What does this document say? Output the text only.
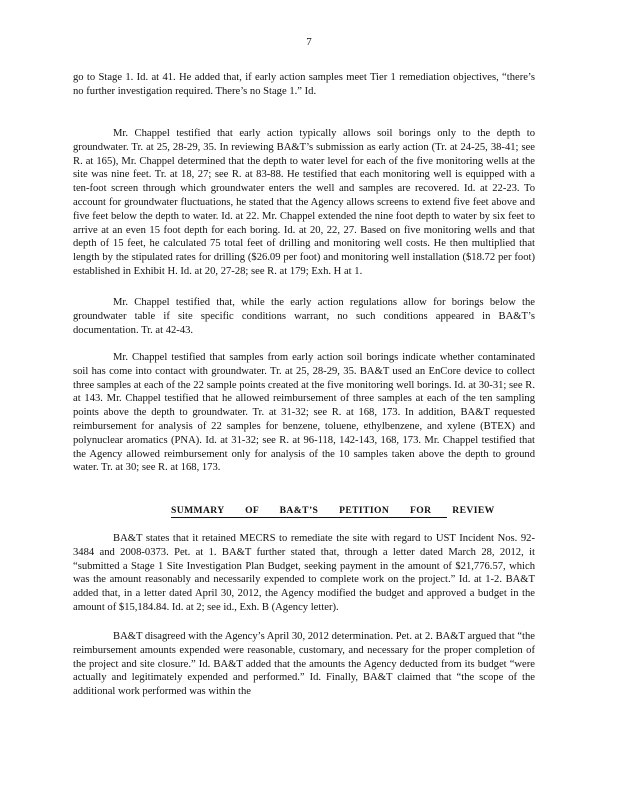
7

go to Stage 1. Id. at 41. He added that, if early action samples meet Tier 1 remediation objectives, “there’s no further investigation required. There’s no Stage 1.” Id.

Mr. Chappel testified that early action typically allows soil borings only to the depth to groundwater. Tr. at 25, 28-29, 35. In reviewing BA&T’s submission as early action (Tr. at 24-25, 38-41; see R. at 165), Mr. Chappel determined that the depth to water level for each of the five monitoring wells at the site was nine feet. Tr. at 18, 27; see R. at 83-88. He testified that each monitoring well is equipped with a ten-foot screen through which groundwater enters the well and samples are recovered. Id. at 22-23. To account for groundwater fluctuations, he stated that the Agency allows screens to extend five feet above and five feet below the depth to water. Id. at 22. Mr. Chappel extended the nine foot depth to water by six feet to arrive at an even 15 foot depth for each boring. Id. at 20, 22, 27. Based on five monitoring wells and that depth of 15 feet, he calculated 75 total feet of drilling and monitoring well costs. He then multiplied that length by the stipulated rates for drilling ($26.09 per foot) and monitoring well installation ($18.72 per foot) established in Exhibit H. Id. at 20, 27-28; see R. at 179; Exh. H at 1.

Mr. Chappel testified that, while the early action regulations allow for borings below the groundwater table if site specific conditions warrant, no such conditions appeared in BA&T’s documentation. Tr. at 42-43.

Mr. Chappel testified that samples from early action soil borings indicate whether contaminated soil has come into contact with groundwater. Tr. at 25, 28-29, 35. BA&T used an EnCore device to collect three samples at each of the 22 sample points created at the five monitoring well borings. Id. at 30-31; see R. at 143. Mr. Chappel testified that he allowed reimbursement of three samples at each of the ten sampling points above the depth to groundwater. Tr. at 31-32; see R. at 168, 173. In addition, BA&T requested reimbursement for analysis of 22 samples for benzene, toluene, ethylbenzene, and xylene (BTEX) and polynuclear aromatics (PNA). Id. at 31-32; see R. at 96-118, 142-143, 168, 173. Mr. Chappel testified that the Agency allowed reimbursement only for analysis of the 10 samples taken above the depth to ground water. Tr. at 30; see R. at 168, 173.

SUMMARY OF BA&T’S PETITION FOR REVIEW

BA&T states that it retained MECRS to remediate the site with regard to UST Incident Nos. 92-3484 and 2008-0373. Pet. at 1. BA&T further stated that, through a letter dated March 28, 2012, it “submitted a Stage 1 Site Investigation Plan Budget, seeking payment in the amount of $21,776.57, which was the amount reasonably and necessarily expended to complete work on the project.” Id. at 1-2. BA&T added that, in a letter dated April 30, 2012, the Agency modified the budget and approved a budget in the amount of $15,184.84. Id. at 2; see id., Exh. B (Agency letter).

BA&T disagreed with the Agency’s April 30, 2012 determination. Pet. at 2. BA&T argued that “the reimbursement amounts expended were reasonable, customary, and necessary for the proper completion of the project and site closure.” Id. BA&T added that the amounts the Agency deducted from its budget “were actually and legitimately expended and performed.” Id. Finally, BA&T claimed that “the scope of the additional work performed was within the
